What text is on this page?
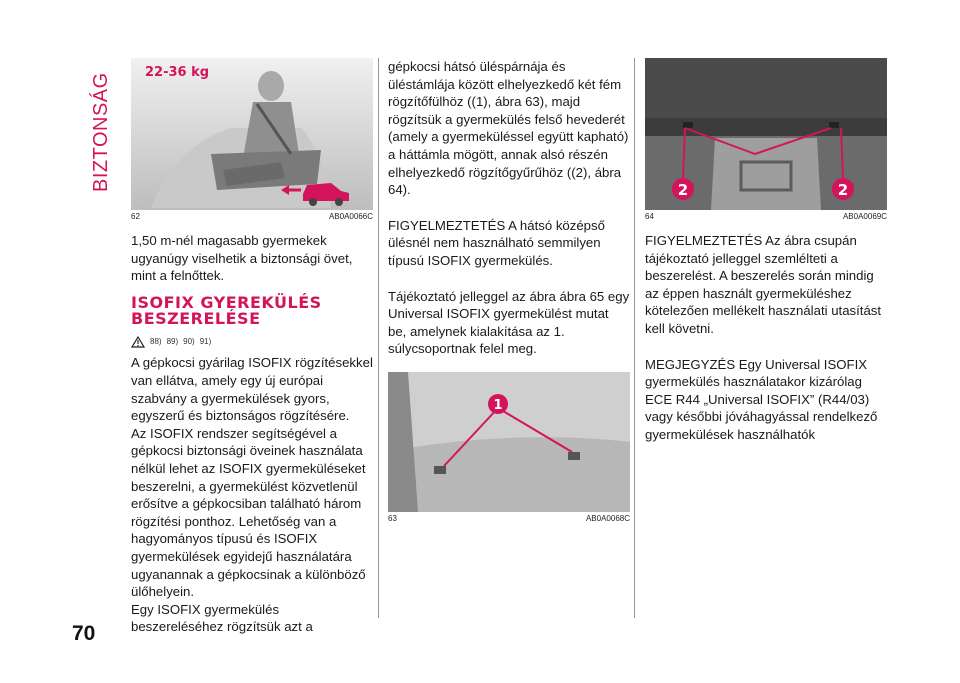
BIZTONSÁG
70
22-36 kg
62	AB0A0066C

1,50 m-nél magasabb gyermekek ugyanúgy viselhetik a biztonsági övet, mint a felnőttek.

ISOFIX GYEREKÜLÉS BESZERELÉSE
88) 89) 90) 91)

A gépkocsi gyárilag ISOFIX rögzítésekkel van ellátva, amely egy új európai szabvány a gyermekülések gyors, egyszerű és biztonságos rögzítésére.

Az ISOFIX rendszer segítségével a gépkocsi biztonsági öveinek használata nélkül lehet az ISOFIX gyermeküléseket beszerelni, a gyermekülést közvetlenül erősítve a gépkocsiban található három rögzítési ponthoz. Lehetőség van a hagyományos típusú és ISOFIX gyermekülések egyidejű használatára ugyanannak a gépkocsinak a különböző ülőhelyein.

Egy ISOFIX gyermekülés beszereléséhez rögzítsük azt a

gépkocsi hátsó üléspárnája és üléstámlája között elhelyezkedő két fém rögzítőfülhöz ((1), ábra 63), majd rögzítsük a gyermekülés felső hevederét (amely a gyermeküléssel együtt kapható) a háttámla mögött, annak alsó részén elhelyezkedő rögzítőgyűrűhöz ((2), ábra 64).

FIGYELMEZTETÉS A hátsó középső ülésnél nem használható semmilyen típusú ISOFIX gyermekülés.

Tájékoztató jelleggel az ábra ábra 65 egy Universal ISOFIX gyermekülést mutat be, amelynek kialakítása az 1. súlycsoportnak felel meg.

1
63	AB0A0068C
2	2
64	AB0A0069C

FIGYELMEZTETÉS Az ábra csupán tájékoztató jelleggel szemlélteti a beszerelést. A beszerelés során mindig az éppen használt gyermeküléshez kötelezően mellékelt használati utasítást kell követni.

MEGJEGYZÉS Egy Universal ISOFIX gyermekülés használatakor kizárólag ECE R44 „Universal ISOFIX” (R44/03) vagy későbbi jóváhagyással rendelkező gyermekülések használhatók
